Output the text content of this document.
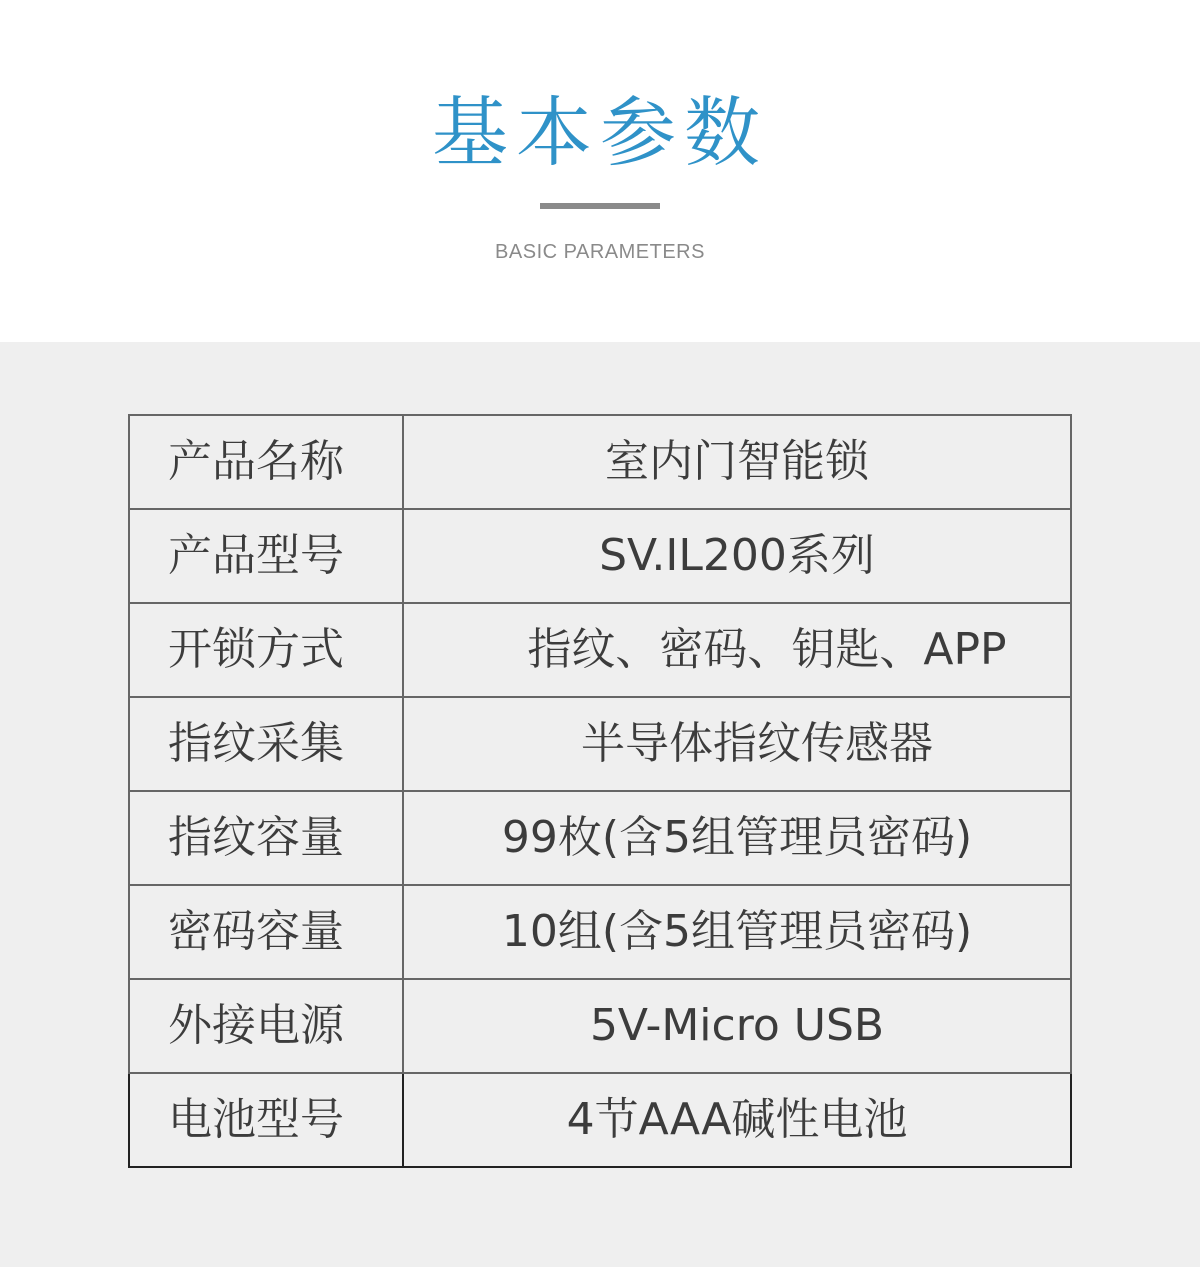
基本参数
BASIC PARAMETERS
产品名称	室内门智能锁
产品型号	SV.IL200系列
开锁方式	指纹、密码、钥匙、APP
指纹采集	半导体指纹传感器
指纹容量	99枚(含5组管理员密码)
密码容量	10组(含5组管理员密码)
外接电源	5V-Micro USB
电池型号	4节AAA碱性电池
